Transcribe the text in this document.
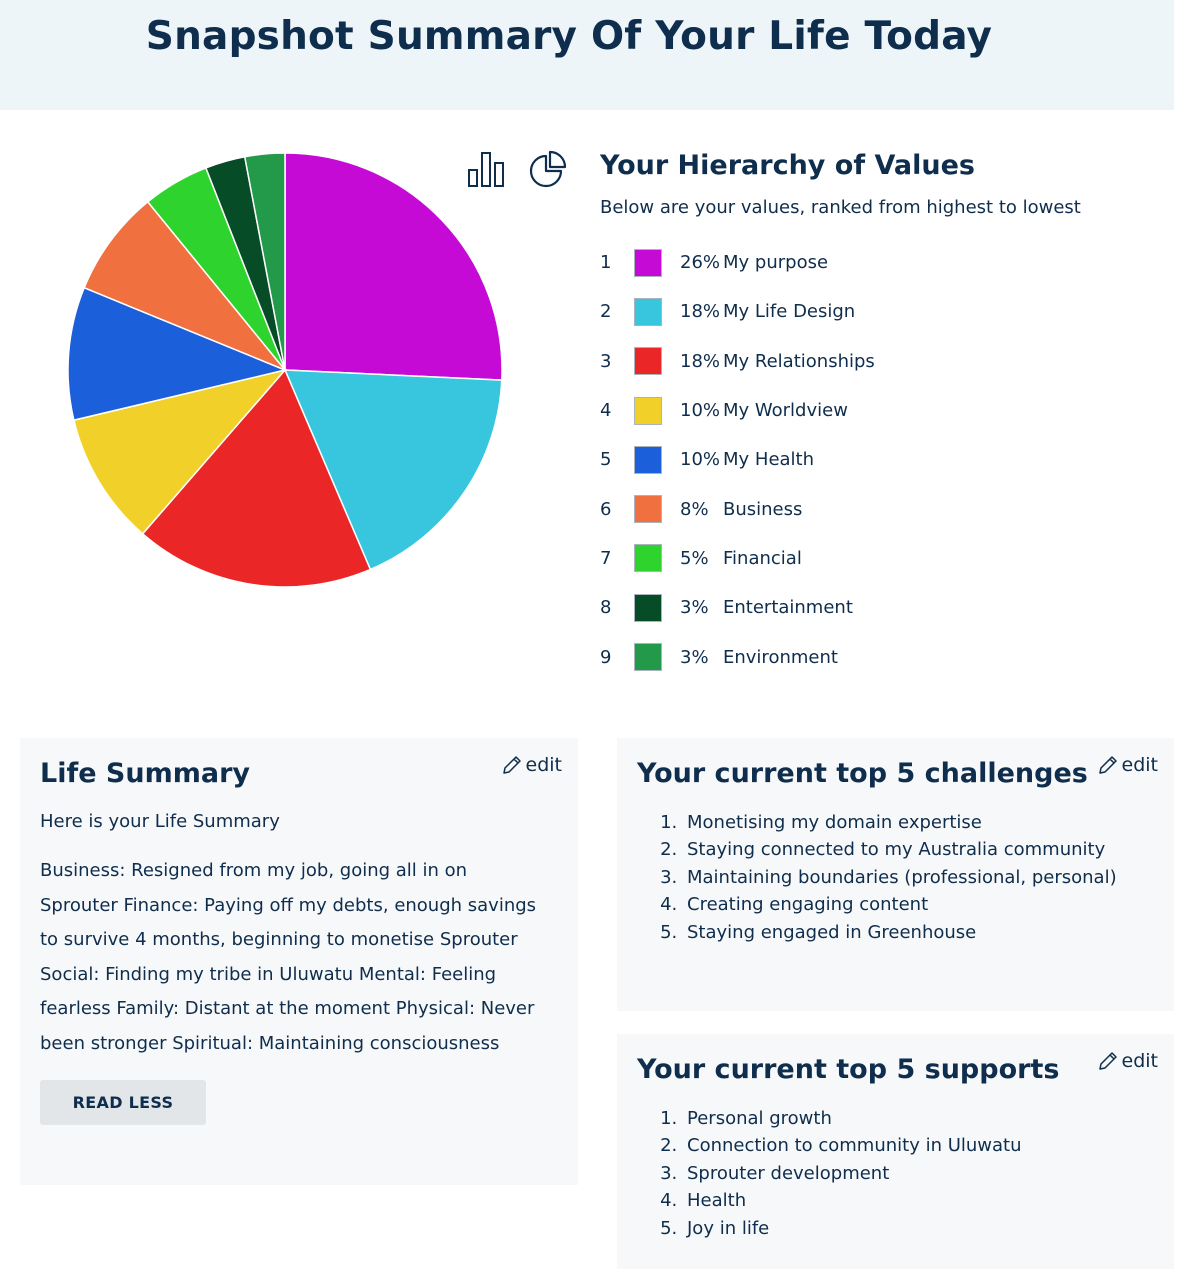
Snapshot Summary Of Your Life Today
Your Hierarchy of Values
Below are your values, ranked from highest to lowest
1	26% My purpose
2	18% My Life Design
3	18% My Relationships
4	10% My Worldview
5	10% My Health
6	8% Business
7	5% Financial
8	3% Entertainment
9	3% Environment
Life Summary	edit
Here is your Life Summary
Business: Resigned from my job, going all in on Sprouter Finance: Paying off my debts, enough savings to survive 4 months, beginning to monetise Sprouter Social: Finding my tribe in Uluwatu Mental: Feeling fearless Family: Distant at the moment Physical: Never been stronger Spiritual: Maintaining consciousness
READ LESS
Your current top 5 challenges	edit
1. Monetising my domain expertise
2. Staying connected to my Australia community
3. Maintaining boundaries (professional, personal)
4. Creating engaging content
5. Staying engaged in Greenhouse
Your current top 5 supports	edit
1. Personal growth
2. Connection to community in Uluwatu
3. Sprouter development
4. Health
5. Joy in life
